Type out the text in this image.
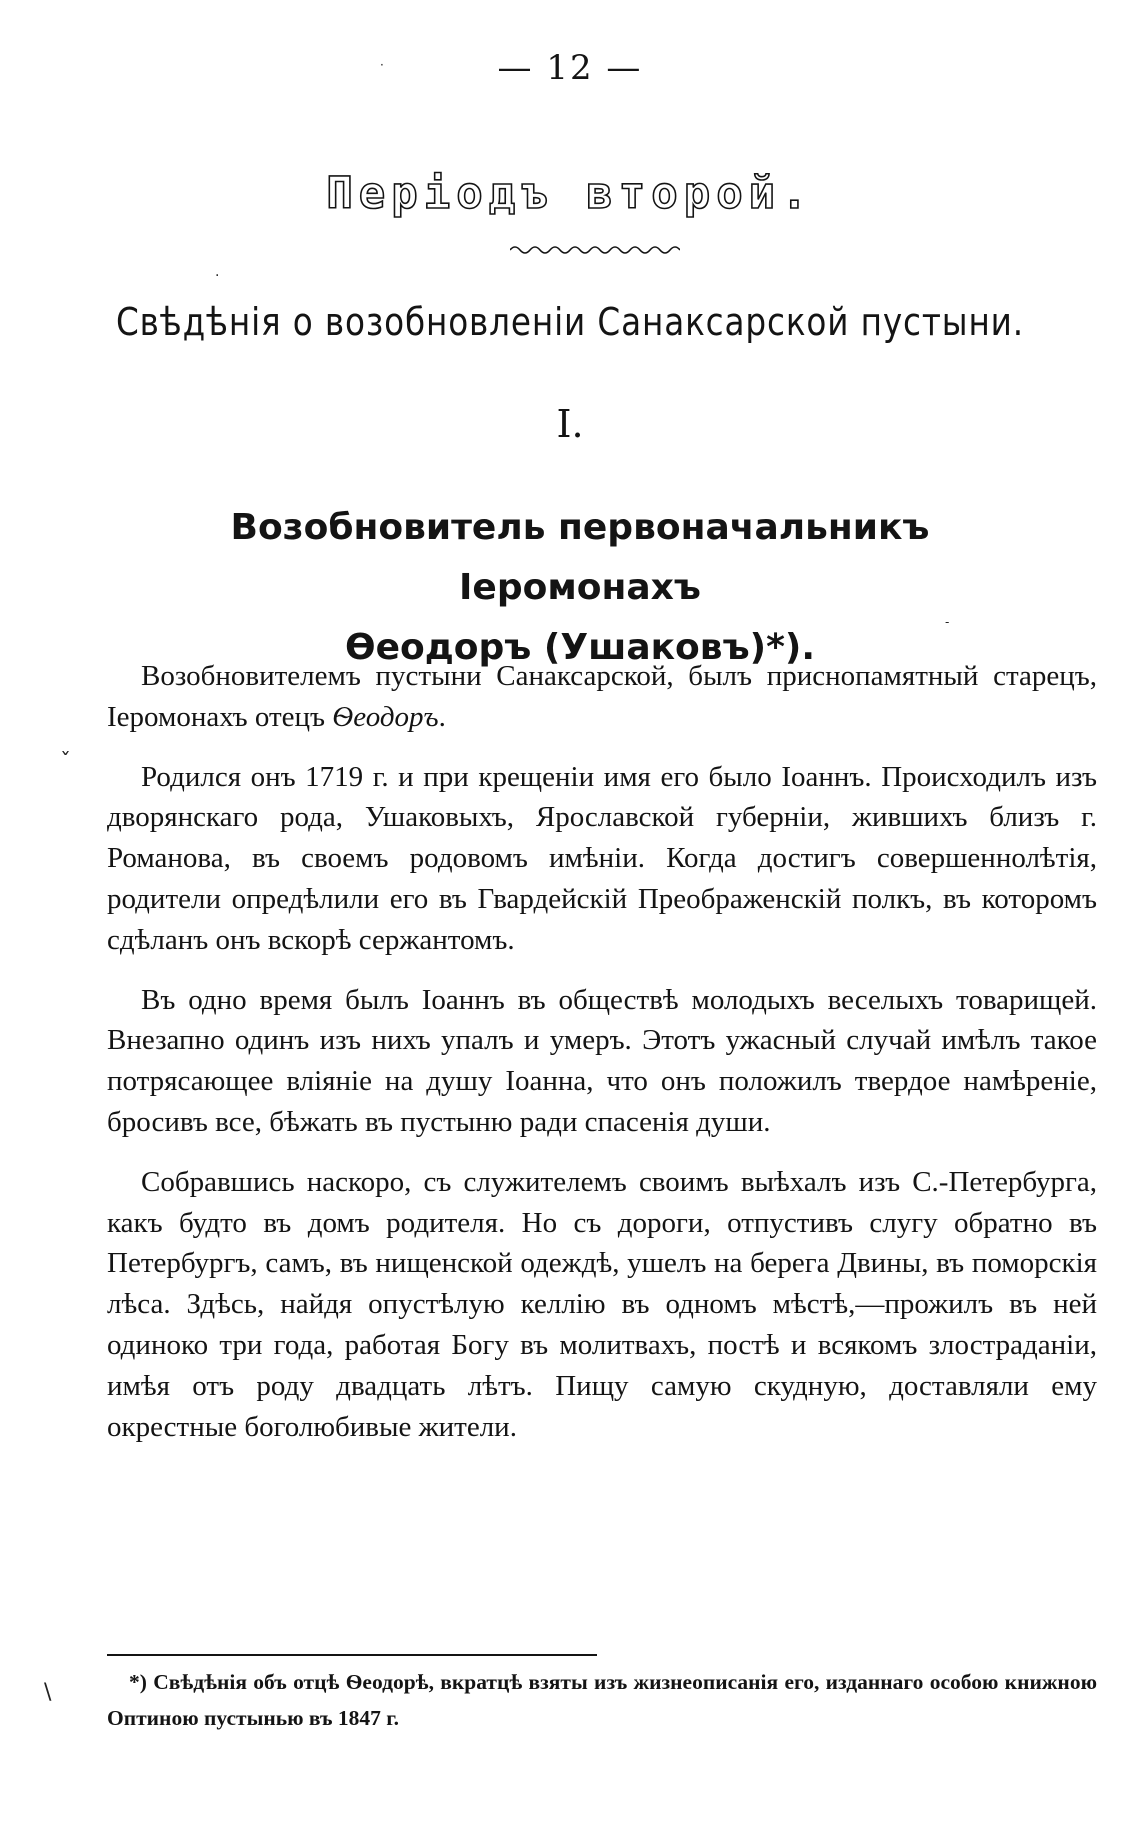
— 12 —
Періодъ второй.
Свѣдѣнія о возобновленіи Санаксарской пустыни.
I.
Возобновитель первоначальникъ Іеромонахъ
Ѳеодоръ (Ушаковъ)*).

Возобновителемъ пустыни Санаксарской, былъ приснопамятный старецъ, Іеромонахъ отецъ Ѳеодоръ.

Родился онъ 1719 г. и при крещеніи имя его было Іоаннъ. Происходилъ изъ дворянскаго рода, Ушаковыхъ, Ярославской губерніи, жившихъ близъ г. Романова, въ своемъ родовомъ имѣніи. Когда достигъ совершеннолѣтія, родители опредѣлили его въ Гвардейскій Преображенскій полкъ, въ которомъ сдѣланъ онъ вскорѣ сержантомъ.

Въ одно время былъ Іоаннъ въ обществѣ молодыхъ веселыхъ товарищей. Внезапно одинъ изъ нихъ упалъ и умеръ. Этотъ ужасный случай имѣлъ такое потрясающее вліяніе на душу Іоанна, что онъ положилъ твердое намѣреніе, бросивъ все, бѣжать въ пустыню ради спасенія души.

Собравшись наскоро, съ служителемъ своимъ выѣхалъ изъ С.-Петербурга, какъ будто въ домъ родителя. Но съ дороги, отпустивъ слугу обратно въ Петербургъ, самъ, въ нищенской одеждѣ, ушелъ на берега Двины, въ поморскія лѣса. Здѣсь, найдя опустѣлую келлію въ одномъ мѣстѣ,—прожилъ въ ней одиноко три года, работая Богу въ молитвахъ, постѣ и всякомъ злостраданіи, имѣя отъ роду двадцать лѣтъ. Пищу самую скудную, доставляли ему окрестные боголюбивые жители.

*) Свѣдѣнія объ отцѣ Ѳеодорѣ, вкратцѣ взяты изъ жизнеописанія его, изданнаго особою книжною Оптиною пустынью въ 1847 г.
ˇ
\
·
·
-
